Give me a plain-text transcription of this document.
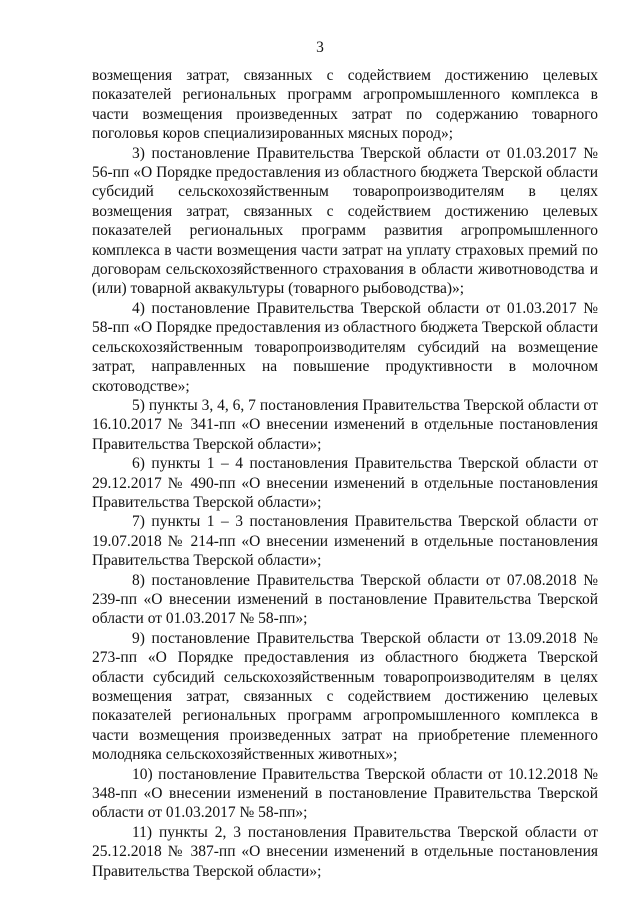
3

возмещения затрат, связанных с содействием достижению целевых показателей региональных программ агропромышленного комплекса в части возмещения произведенных затрат по содержанию товарного поголовья коров специализированных мясных пород»;

3) постановление Правительства Тверской области от 01.03.2017 № 56-пп «О Порядке предоставления из областного бюджета Тверской области субсидий сельскохозяйственным товаропроизводителям в целях возмещения затрат, связанных с содействием достижению целевых показателей региональных программ развития агропромышленного комплекса в части возмещения части затрат на уплату страховых премий по договорам сельскохозяйственного страхования в области животноводства и (или) товарной аквакультуры (товарного рыбоводства)»;

4) постановление Правительства Тверской области от 01.03.2017 № 58-пп «О Порядке предоставления из областного бюджета Тверской области сельскохозяйственным товаропроизводителям субсидий на возмещение затрат, направленных на повышение продуктивности в молочном скотоводстве»;

5) пункты 3, 4, 6, 7 постановления Правительства Тверской области от 16.10.2017 № 341-пп «О внесении изменений в отдельные постановления Правительства Тверской области»;

6) пункты 1 – 4 постановления Правительства Тверской области от 29.12.2017 № 490-пп «О внесении изменений в отдельные постановления Правительства Тверской области»;

7) пункты 1 – 3 постановления Правительства Тверской области от 19.07.2018 № 214-пп «О внесении изменений в отдельные постановления Правительства Тверской области»;

8) постановление Правительства Тверской области от 07.08.2018 № 239-пп «О внесении изменений в постановление Правительства Тверской области от 01.03.2017 № 58-пп»;

9) постановление Правительства Тверской области от 13.09.2018 № 273-пп «О Порядке предоставления из областного бюджета Тверской области субсидий сельскохозяйственным товаропроизводителям в целях возмещения затрат, связанных с содействием достижению целевых показателей региональных программ агропромышленного комплекса в части возмещения произведенных затрат на приобретение племенного молодняка сельскохозяйственных животных»;

10) постановление Правительства Тверской области от 10.12.2018 № 348-пп «О внесении изменений в постановление Правительства Тверской области от 01.03.2017 № 58-пп»;

11) пункты 2, 3 постановления Правительства Тверской области от 25.12.2018 № 387-пп «О внесении изменений в отдельные постановления Правительства Тверской области»;
